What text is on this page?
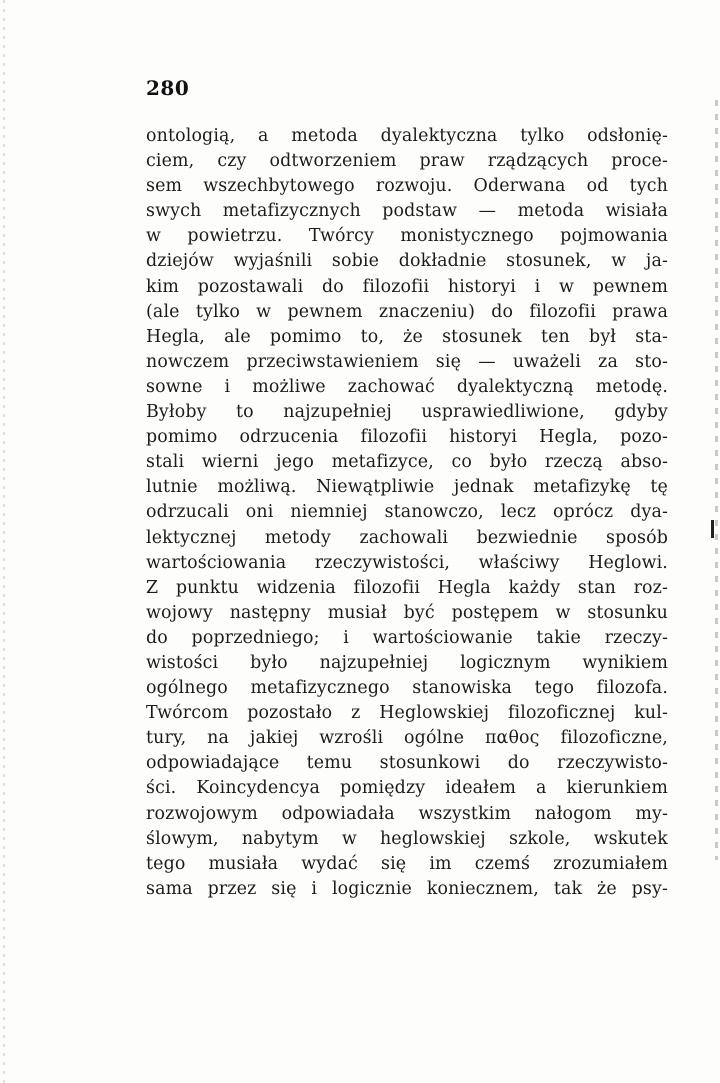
280
ontologią, a metoda dyalektyczna tylko odsłonię-
ciem, czy odtworzeniem praw rządzących proce-
sem wszechbytowego rozwoju. Oderwana od tych
swych metafizycznych podstaw — metoda wisiała
w powietrzu. Twórcy monistycznego pojmowania
dziejów wyjaśnili sobie dokładnie stosunek, w ja-
kim pozostawali do filozofii historyi i w pewnem
(ale tylko w pewnem znaczeniu) do filozofii prawa
Hegla, ale pomimo to, że stosunek ten był sta-
nowczem przeciwstawieniem się — uważeli za sto-
sowne i możliwe zachować dyalektyczną metodę.
Byłoby to najzupełniej usprawiedliwione, gdyby
pomimo odrzucenia filozofii historyi Hegla, pozo-
stali wierni jego metafizyce, co było rzeczą abso-
lutnie możliwą. Niewątpliwie jednak metafizykę tę
odrzucali oni niemniej stanowczo, lecz oprócz dya-
lektycznej metody zachowali bezwiednie sposób
wartościowania rzeczywistości, właściwy Heglowi.
Z punktu widzenia filozofii Hegla każdy stan roz-
wojowy następny musiał być postępem w stosunku
do poprzedniego; i wartościowanie takie rzeczy-
wistości było najzupełniej logicznym wynikiem
ogólnego metafizycznego stanowiska tego filozofa.
Twórcom pozostało z Heglowskiej filozoficznej kul-
tury, na jakiej wzrośli ogólne παθος filozoficzne,
odpowiadające temu stosunkowi do rzeczywisto-
ści. Koincydencya pomiędzy ideałem a kierunkiem
rozwojowym odpowiadała wszystkim nałogom my-
ślowym, nabytym w heglowskiej szkole, wskutek
tego musiała wydać się im czemś zrozumiałem
sama przez się i logicznie koniecznem, tak że psy-
